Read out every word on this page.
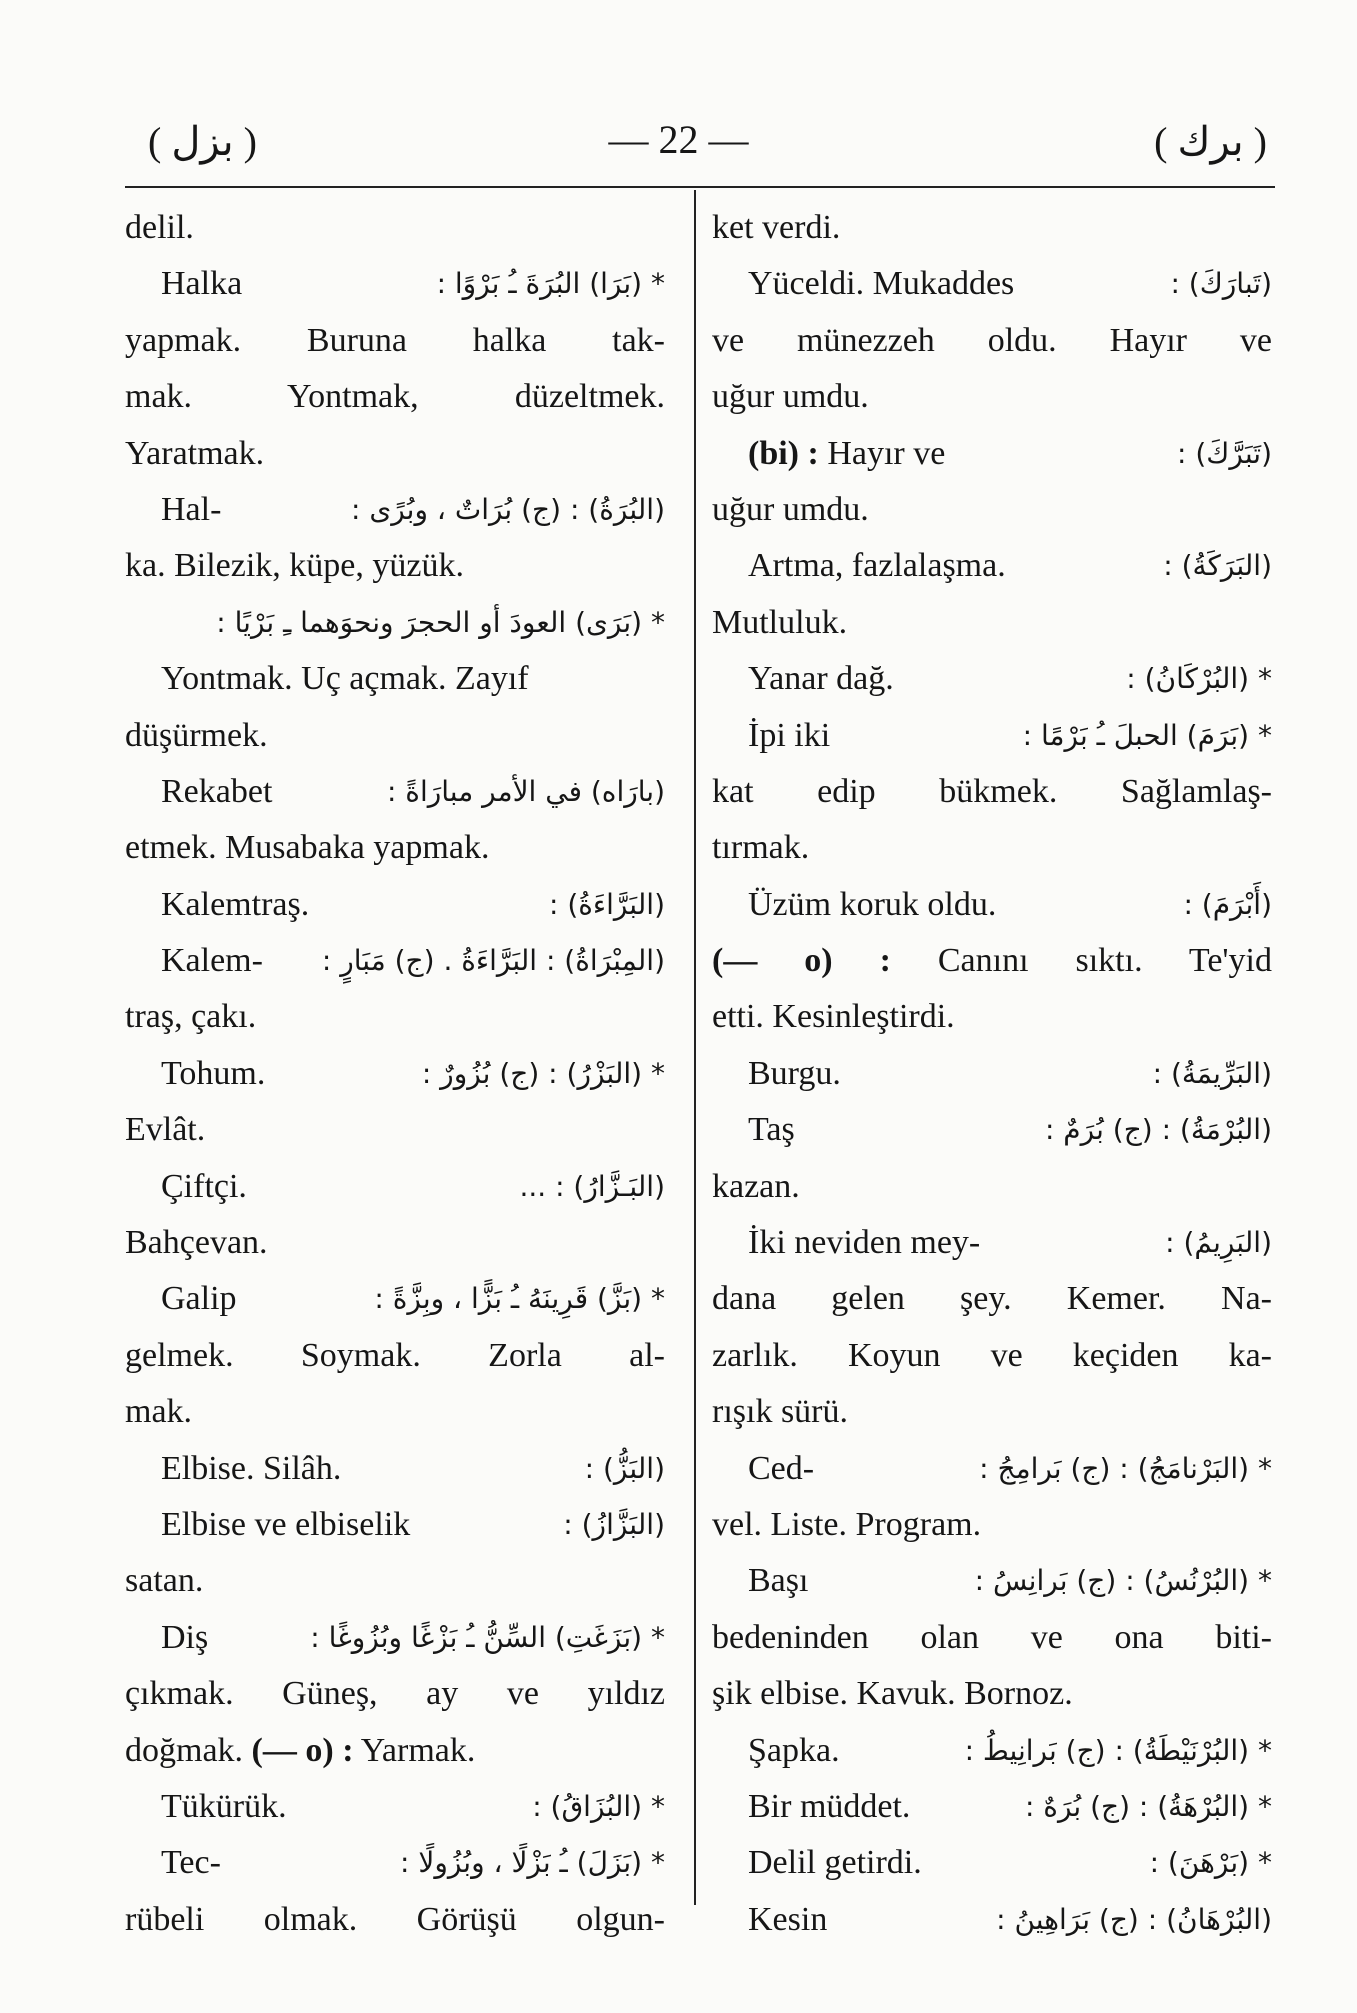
( بزل )	— 22 —	( برك )
delil.
Halka	* (بَرَا) البُرَةَ ـُ بَرْوًا :
yapmak. Buruna halka tak-
mak. Yontmak, düzeltmek.
Yaratmak.
Hal-	(البُرَةُ) : (ج) بُرَاتٌ ، وبُرًى :
ka. Bilezik, küpe, yüzük.
* (بَرَى) العودَ أو الحجرَ ونحوَهما ـِ بَرْيًا :
Yontmak. Uç açmak. Zayıf
düşürmek.
Rekabet	(بارَاه) في الأمر مبارَاةً :
etmek. Musabaka yapmak.
Kalemtraş.	(البَرَّاءَةُ) :
Kalem- (المِبْرَاةُ) : البَرَّاءَةُ . (ج) مَبَارٍ :
traş, çakı.
Tohum.	* (البَزْرُ) : (ج) بُزُورٌ :
Evlât.
Çiftçi.	(البَـزَّارُ) : ...
Bahçevan.
Galip	* (بَزَّ) قَرِينَهُ ـُ بَزًّا ، وبِزَّةً :
gelmek. Soymak. Zorla al-
mak.
Elbise. Silâh.	(البَزُّ) :
Elbise ve elbiselik	(البَزَّازُ) :
satan.
Diş	* (بَزَغَتِ) السِّنُّ ـُ بَزْغًا وبُزُوغًا :
çıkmak. Güneş, ay ve yıldız
doğmak. (— o) : Yarmak.
Tükürük.	* (البُزَاقُ) :
Tec-	* (بَزَلَ) ـُ بَزْلًا ، وبُزُولًا :
rübeli olmak. Görüşü olgun-
ket verdi.
Yüceldi. Mukaddes	(تَبارَكَ) :
ve münezzeh oldu. Hayır ve
uğur umdu.
(bi) : Hayır ve	(تَبَرَّكَ) :
uğur umdu.
Artma, fazlalaşma.	(البَرَكَةُ) :
Mutluluk.
Yanar dağ.	* (البُرْكَانُ) :
İpi iki	* (بَرَمَ) الحبلَ ـُ بَرْمًا :
kat edip bükmek. Sağlamlaş-
tırmak.
Üzüm koruk oldu.	(أَبْرَمَ) :
(— o) : Canını sıktı. Te'yid
etti. Kesinleştirdi.
Burgu.	(البَرِّيمَةُ) :
Taş	(البُرْمَةُ) : (ج) بُرَمٌ :
kazan.
İki neviden mey-	(البَرِيمُ) :
dana gelen şey. Kemer. Na-
zarlık. Koyun ve keçiden ka-
rışık sürü.
Ced-	* (البَرْنامَجُ) : (ج) بَرامِجُ :
vel. Liste. Program.
Başı	* (البُرْنُسُ) : (ج) بَرانِسُ :
bedeninden olan ve ona biti-
şik elbise. Kavuk. Bornoz.
Şapka.	* (البُرْنَيْطَةُ) : (ج) بَرانِيطُ :
Bir müddet.	* (البُرْهَةُ) : (ج) بُرَهٌ :
Delil getirdi.	* (بَرْهَنَ) :
Kesin	(البُرْهَانُ) : (ج) بَرَاهِينُ :
